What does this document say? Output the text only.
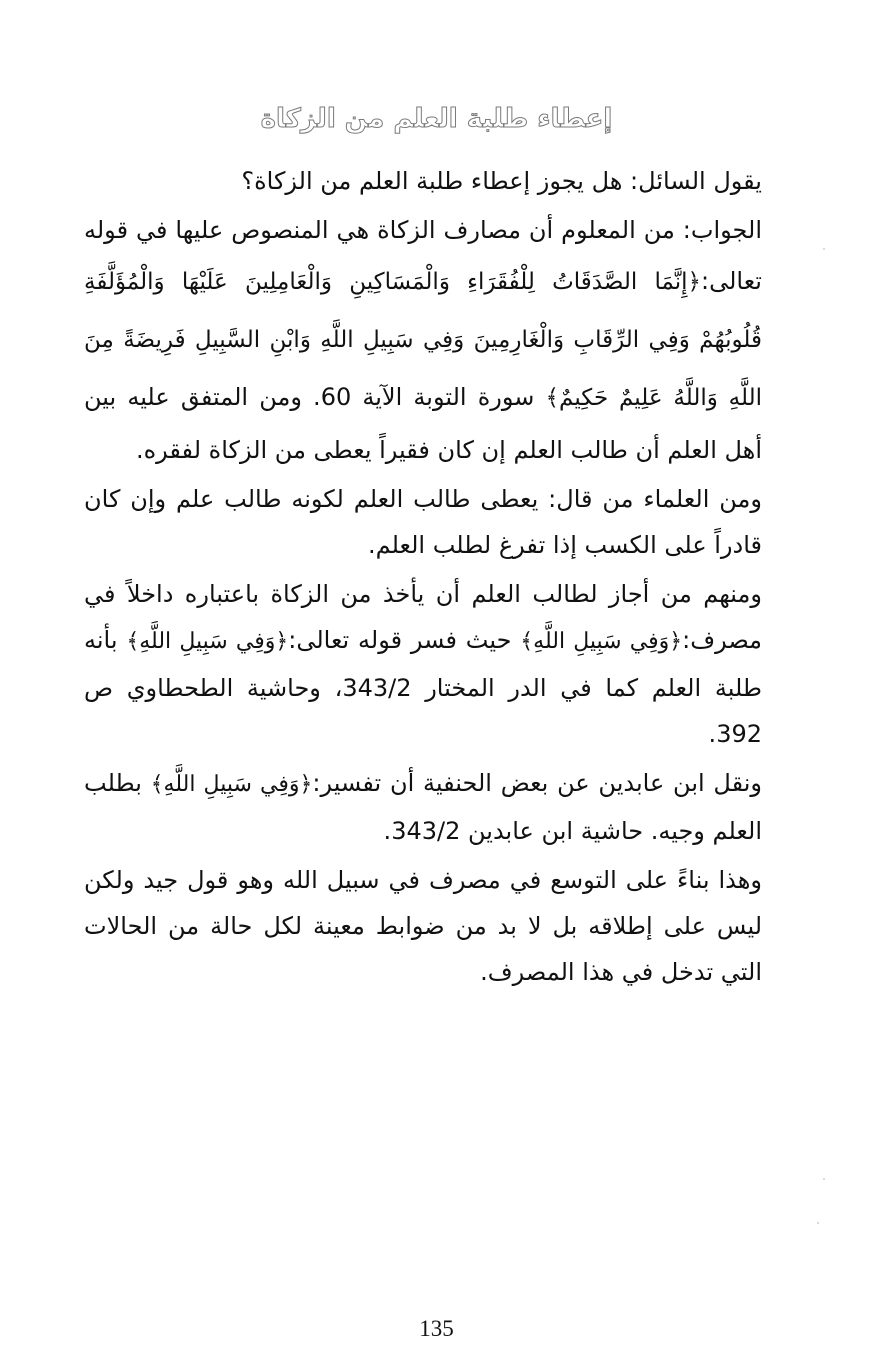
إعطاء طلبة العلم من الزكاة

يقول السائل: هل يجوز إعطاء طلبة العلم من الزكاة؟

الجواب: من المعلوم أن مصارف الزكاة هي المنصوص عليها في قوله تعالى:﴿إِنَّمَا الصَّدَقَاتُ لِلْفُقَرَاءِ وَالْمَسَاكِينِ وَالْعَامِلِينَ عَلَيْهَا وَالْمُؤَلَّفَةِ قُلُوبُهُمْ وَفِي الرِّقَابِ وَالْغَارِمِينَ وَفِي سَبِيلِ اللَّهِ وَابْنِ السَّبِيلِ فَرِيضَةً مِنَ اللَّهِ وَاللَّهُ عَلِيمٌ حَكِيمٌ﴾ سورة التوبة الآية 60. ومن المتفق عليه بين أهل العلم أن طالب العلم إن كان فقيراً يعطى من الزكاة لفقره.

ومن العلماء من قال: يعطى طالب العلم لكونه طالب علم وإن كان قادراً على الكسب إذا تفرغ لطلب العلم.

ومنهم من أجاز لطالب العلم أن يأخذ من الزكاة باعتباره داخلاً في مصرف:﴿وَفِي سَبِيلِ اللَّهِ﴾ حيث فسر قوله تعالى:﴿وَفِي سَبِيلِ اللَّهِ﴾ بأنه طلبة العلم كما في الدر المختار 343/2، وحاشية الطحطاوي ص 392.

ونقل ابن عابدين عن بعض الحنفية أن تفسير:﴿وَفِي سَبِيلِ اللَّهِ﴾ بطلب العلم وجيه. حاشية ابن عابدين 343/2.

وهذا بناءً على التوسع في مصرف في سبيل الله وهو قول جيد ولكن ليس على إطلاقه بل لا بد من ضوابط معينة لكل حالة من الحالات التي تدخل في هذا المصرف.

135
